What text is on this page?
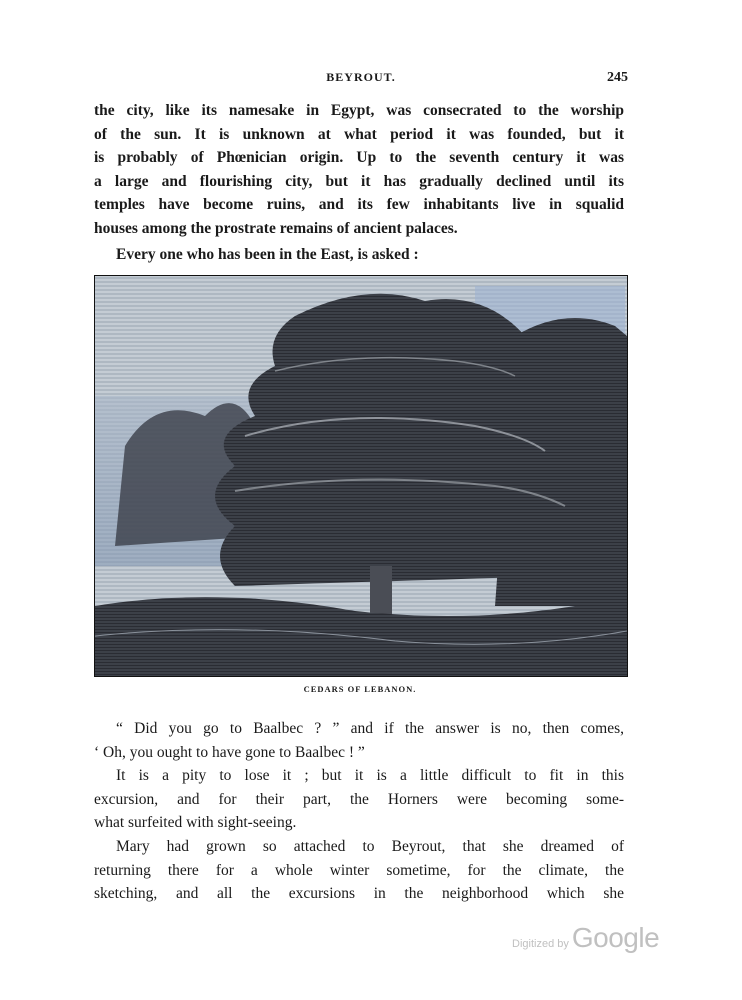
BEYROUT.	245

the city, like its namesake in Egypt, was consecrated to the worship
of the sun. It is unknown at what period it was founded, but it
is probably of Phœnician origin. Up to the seventh century it was
a large and flourishing city, but it has gradually declined until its
temples have become ruins, and its few inhabitants live in squalid
houses among the prostrate remains of ancient palaces.

Every one who has been in the East, is asked :

CEDARS OF LEBANON.

“ Did you go to Baalbec ? ” and if the answer is no, then comes,
‘ Oh, you ought to have gone to Baalbec ! ”
It is a pity to lose it ; but it is a little difficult to fit in this
excursion, and for their part, the Horners were becoming some-
what surfeited with sight-seeing.
Mary had grown so attached to Beyrout, that she dreamed of
returning there for a whole winter sometime, for the climate, the
sketching, and all the excursions in the neighborhood which she

Digitized by Google
